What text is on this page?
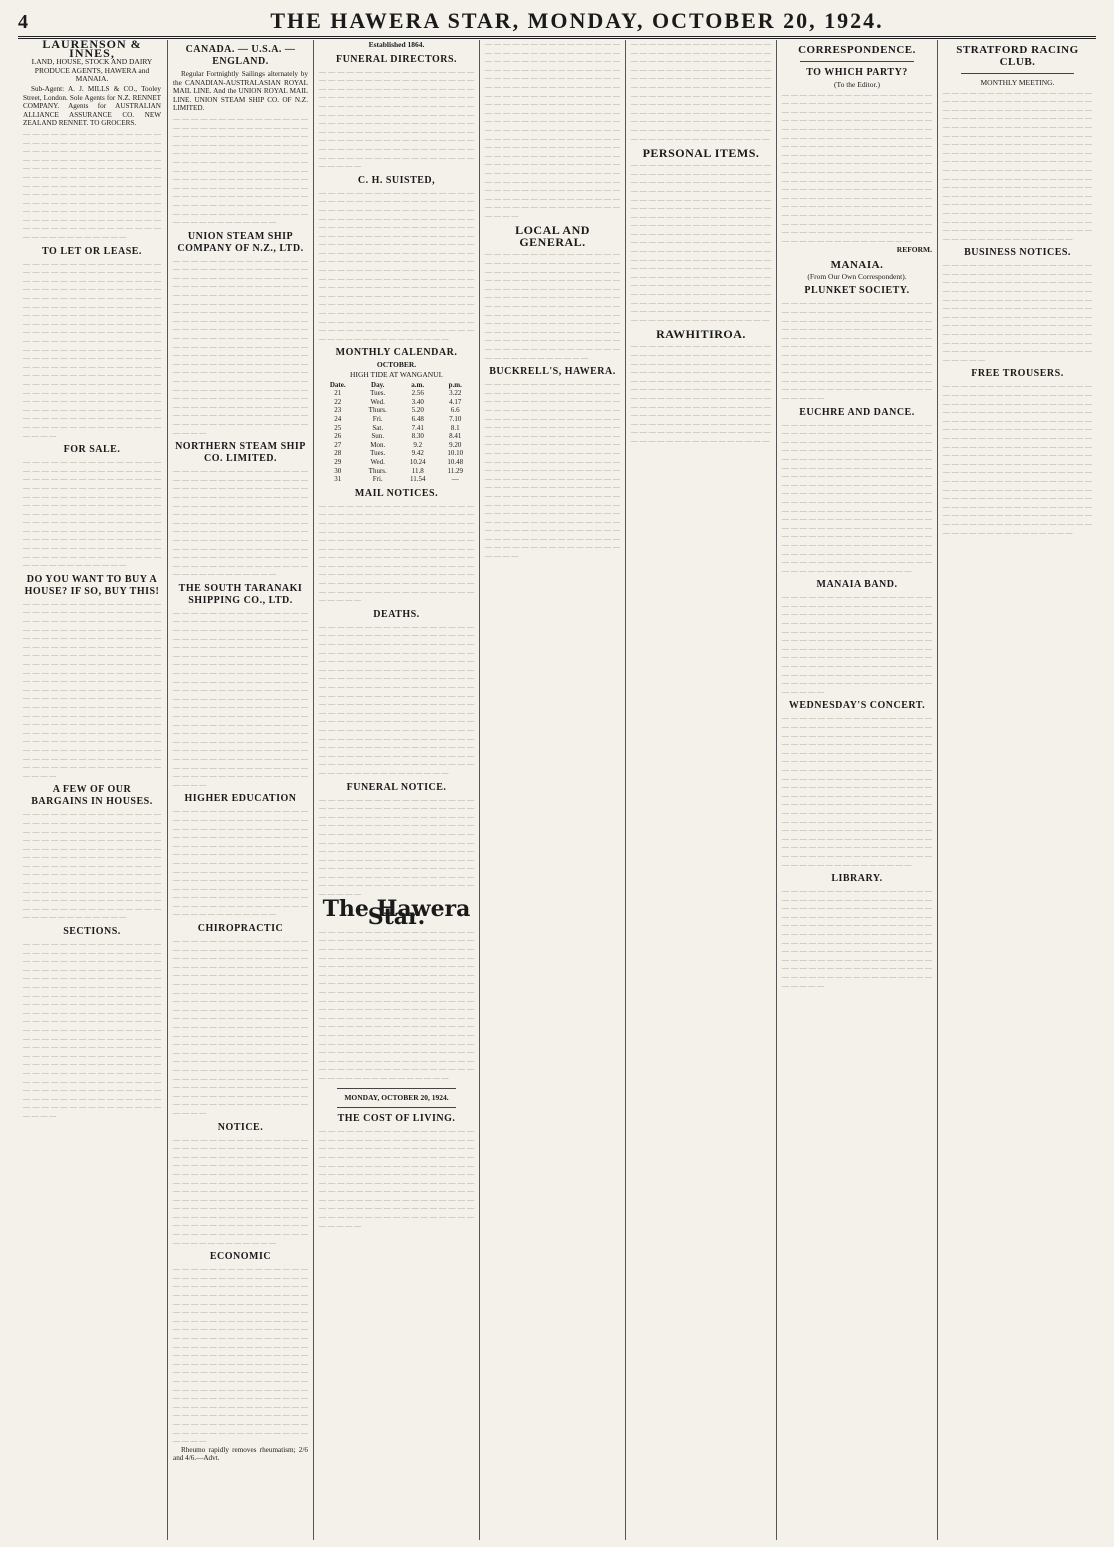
4	THE HAWERA STAR, MONDAY, OCTOBER 20, 1924.
LAURENSON & INNES,
LAND, HOUSE, STOCK AND DAIRY PRODUCE AGENTS, HAWERA and MANAIA.

Sub-Agent: A. J. MILLS & CO., Tooley Street, London. Sole Agents for N.Z. RENNET COMPANY. Agents for AUSTRALIAN ALLIANCE ASSURANCE CO. NEW ZEALAND RENNET. TO GROCERS.

— — — — — — — — — — — — — — — — — — — — — — — — — — — — — — — — — — — — — — — — — — — — — — — — — — — — — — — — — — — — — — — — — — — — — — — — — — — — — — — — — — — — — — — — — — — — — — — — — — — — — — — — — — — — — — — — — — — — — — — — — — — — — — — — — — — — — — — — — — — — — — — — — — — — — — — — — — — — — — — — — — — — — — — — — — — — — — — — — — — — — — — — — — — — — — — —
TO LET OR LEASE.
— — — — — — — — — — — — — — — — — — — — — — — — — — — — — — — — — — — — — — — — — — — — — — — — — — — — — — — — — — — — — — — — — — — — — — — — — — — — — — — — — — — — — — — — — — — — — — — — — — — — — — — — — — — — — — — — — — — — — — — — — — — — — — — — — — — — — — — — — — — — — — — — — — — — — — — — — — — — — — — — — — — — — — — — — — — — — — — — — — — — — — — — — — — — — — — — — — — — — — — — — — — — — — — — — — — — — — — — — — — — — — — — — — — — — — — — — — — — — — — — — — — — — — — — — — — — — — — — — — — — — — — — — — — — — — — — — — — — — — — — — — — — — — — — — — — — — — — — — — — — — — — —
FOR SALE.
— — — — — — — — — — — — — — — — — — — — — — — — — — — — — — — — — — — — — — — — — — — — — — — — — — — — — — — — — — — — — — — — — — — — — — — — — — — — — — — — — — — — — — — — — — — — — — — — — — — — — — — — — — — — — — — — — — — — — — — — — — — — — — — — — — — — — — — — — — — — — — — — — — — — — — — — — — — — — — — — — — — — — — — — — — — — — — — — — — — — — — — — — — — — — — — —
DO YOU WANT TO BUY A HOUSE? IF SO, BUY THIS!
— — — — — — — — — — — — — — — — — — — — — — — — — — — — — — — — — — — — — — — — — — — — — — — — — — — — — — — — — — — — — — — — — — — — — — — — — — — — — — — — — — — — — — — — — — — — — — — — — — — — — — — — — — — — — — — — — — — — — — — — — — — — — — — — — — — — — — — — — — — — — — — — — — — — — — — — — — — — — — — — — — — — — — — — — — — — — — — — — — — — — — — — — — — — — — — — — — — — — — — — — — — — — — — — — — — — — — — — — — — — — — — — — — — — — — — — — — — — — — — — — — — — — — — — — — — — — — — — — — — — — — — — — — — — — — — — — — — — — — — — — — — — — — — — — — — — — — — — — — — — — — — —
A FEW OF OUR BARGAINS IN HOUSES.
— — — — — — — — — — — — — — — — — — — — — — — — — — — — — — — — — — — — — — — — — — — — — — — — — — — — — — — — — — — — — — — — — — — — — — — — — — — — — — — — — — — — — — — — — — — — — — — — — — — — — — — — — — — — — — — — — — — — — — — — — — — — — — — — — — — — — — — — — — — — — — — — — — — — — — — — — — — — — — — — — — — — — — — — — — — — — — — — — — — — — — — — — — — — — — — —
SECTIONS.
— — — — — — — — — — — — — — — — — — — — — — — — — — — — — — — — — — — — — — — — — — — — — — — — — — — — — — — — — — — — — — — — — — — — — — — — — — — — — — — — — — — — — — — — — — — — — — — — — — — — — — — — — — — — — — — — — — — — — — — — — — — — — — — — — — — — — — — — — — — — — — — — — — — — — — — — — — — — — — — — — — — — — — — — — — — — — — — — — — — — — — — — — — — — — — — — — — — — — — — — — — — — — — — — — — — — — — — — — — — — — — — — — — — — — — — — — — — — — — — — — — — — — — — — — — — — — — — — — — — — — — — — — — — — — — — — — — — — — — — — — — — — — — — — — — — — — — — — — — — — — — — —
CANADA. — U.S.A. — ENGLAND.

Regular Fortnightly Sailings alternately by the CANADIAN-AUSTRALASIAN ROYAL MAIL LINE. And the UNION ROYAL MAIL LINE. UNION STEAM SHIP CO. OF N.Z. LIMITED.

— — — — — — — — — — — — — — — — — — — — — — — — — — — — — — — — — — — — — — — — — — — — — — — — — — — — — — — — — — — — — — — — — — — — — — — — — — — — — — — — — — — — — — — — — — — — — — — — — — — — — — — — — — — — — — — — — — — — — — — — — — — — — — — — — — — — — — — — — — — — — — — — — — — — — — — — — — — — — — — — — — — — — — — — — — — — — — — — — — — — — — — — — — — — — — — —
UNION STEAM SHIP COMPANY OF N.Z., LTD.
— — — — — — — — — — — — — — — — — — — — — — — — — — — — — — — — — — — — — — — — — — — — — — — — — — — — — — — — — — — — — — — — — — — — — — — — — — — — — — — — — — — — — — — — — — — — — — — — — — — — — — — — — — — — — — — — — — — — — — — — — — — — — — — — — — — — — — — — — — — — — — — — — — — — — — — — — — — — — — — — — — — — — — — — — — — — — — — — — — — — — — — — — — — — — — — — — — — — — — — — — — — — — — — — — — — — — — — — — — — — — — — — — — — — — — — — — — — — — — — — — — — — — — — — — — — — — — — — — — — — — — — — — — — — — — — — — — — — — — — — — — — — — — — — — — — — — — — — — — — — — — — —
NORTHERN STEAM SHIP CO. LIMITED.
— — — — — — — — — — — — — — — — — — — — — — — — — — — — — — — — — — — — — — — — — — — — — — — — — — — — — — — — — — — — — — — — — — — — — — — — — — — — — — — — — — — — — — — — — — — — — — — — — — — — — — — — — — — — — — — — — — — — — — — — — — — — — — — — — — — — — — — — — — — — — — — — — — — — — — — — — — — — — — — — — — — — — — — — — — — — — — — — — — — — — — — — — — — — — — — —
THE SOUTH TARANAKI SHIPPING CO., LTD.
— — — — — — — — — — — — — — — — — — — — — — — — — — — — — — — — — — — — — — — — — — — — — — — — — — — — — — — — — — — — — — — — — — — — — — — — — — — — — — — — — — — — — — — — — — — — — — — — — — — — — — — — — — — — — — — — — — — — — — — — — — — — — — — — — — — — — — — — — — — — — — — — — — — — — — — — — — — — — — — — — — — — — — — — — — — — — — — — — — — — — — — — — — — — — — — — — — — — — — — — — — — — — — — — — — — — — — — — — — — — — — — — — — — — — — — — — — — — — — — — — — — — — — — — — — — — — — — — — — — — — — — — — — — — — — — — — — — — — — — — — — — — — — — — — — — — — — — — — — — — — — — —
HIGHER EDUCATION
— — — — — — — — — — — — — — — — — — — — — — — — — — — — — — — — — — — — — — — — — — — — — — — — — — — — — — — — — — — — — — — — — — — — — — — — — — — — — — — — — — — — — — — — — — — — — — — — — — — — — — — — — — — — — — — — — — — — — — — — — — — — — — — — — — — — — — — — — — — — — — — — — — — — — — — — — — — — — — — — — — — — — — — — — — — — — — — — — — — — — — — — — — — — — — — —
CHIROPRACTIC
— — — — — — — — — — — — — — — — — — — — — — — — — — — — — — — — — — — — — — — — — — — — — — — — — — — — — — — — — — — — — — — — — — — — — — — — — — — — — — — — — — — — — — — — — — — — — — — — — — — — — — — — — — — — — — — — — — — — — — — — — — — — — — — — — — — — — — — — — — — — — — — — — — — — — — — — — — — — — — — — — — — — — — — — — — — — — — — — — — — — — — — — — — — — — — — — — — — — — — — — — — — — — — — — — — — — — — — — — — — — — — — — — — — — — — — — — — — — — — — — — — — — — — — — — — — — — — — — — — — — — — — — — — — — — — — — — — — — — — — — — — — — — — — — — — — — — — — — — — — — — — — —
NOTICE.
— — — — — — — — — — — — — — — — — — — — — — — — — — — — — — — — — — — — — — — — — — — — — — — — — — — — — — — — — — — — — — — — — — — — — — — — — — — — — — — — — — — — — — — — — — — — — — — — — — — — — — — — — — — — — — — — — — — — — — — — — — — — — — — — — — — — — — — — — — — — — — — — — — — — — — — — — — — — — — — — — — — — — — — — — — — — — — — — — — — — — — — — — — — — — — — —
ECONOMIC
— — — — — — — — — — — — — — — — — — — — — — — — — — — — — — — — — — — — — — — — — — — — — — — — — — — — — — — — — — — — — — — — — — — — — — — — — — — — — — — — — — — — — — — — — — — — — — — — — — — — — — — — — — — — — — — — — — — — — — — — — — — — — — — — — — — — — — — — — — — — — — — — — — — — — — — — — — — — — — — — — — — — — — — — — — — — — — — — — — — — — — — — — — — — — — — — — — — — — — — — — — — — — — — — — — — — — — — — — — — — — — — — — — — — — — — — — — — — — — — — — — — — — — — — — — — — — — — — — — — — — — — — — — — — — — — — — — — — — — — — — — — — — — — — — — — — — — — — — — — — — — — —

Rheumo rapidly removes rheumatism; 2/6 and 4/6.—Advt.

Established 1864.
FUNERAL DIRECTORS.
— — — — — — — — — — — — — — — — — — — — — — — — — — — — — — — — — — — — — — — — — — — — — — — — — — — — — — — — — — — — — — — — — — — — — — — — — — — — — — — — — — — — — — — — — — — — — — — — — — — — — — — — — — — — — — — — — — — — — — — — — — — — — — — — — — — — — — — — — — — — — — — — — — — — — — — — — — — — — — — — — — — — — — — — — — — — — — — — — — — — — — — — — — — — — — — —
C. H. SUISTED,
— — — — — — — — — — — — — — — — — — — — — — — — — — — — — — — — — — — — — — — — — — — — — — — — — — — — — — — — — — — — — — — — — — — — — — — — — — — — — — — — — — — — — — — — — — — — — — — — — — — — — — — — — — — — — — — — — — — — — — — — — — — — — — — — — — — — — — — — — — — — — — — — — — — — — — — — — — — — — — — — — — — — — — — — — — — — — — — — — — — — — — — — — — — — — — — — — — — — — — — — — — — — — — — — — — — — — — — — — — — — — — — — — — — — — — — — — — — — — — — — — — — — — — — — — — — — — — — — — — — — — — — — — — — — — — — — — — — — — — — — — — — — — — — — — — — — — — — — — — — — — — — —
MONTHLY CALENDAR.
OCTOBER.
HIGH TIDE AT WANGANUI.
Date.	Day.	a.m.	p.m.
21	Tues.	2.56	3.22
22	Wed.	3.40	4.17
23	Thurs.	5.20	6.6
24	Fri.	6.48	7.10
25	Sat.	7.41	8.1
26	Sun.	8.30	8.41
27	Mon.	9.2	9.20
28	Tues.	9.42	10.10
29	Wed.	10.24	10.48
30	Thurs.	11.8	11.29
31	Fri.	11.54	—
MAIL NOTICES.
— — — — — — — — — — — — — — — — — — — — — — — — — — — — — — — — — — — — — — — — — — — — — — — — — — — — — — — — — — — — — — — — — — — — — — — — — — — — — — — — — — — — — — — — — — — — — — — — — — — — — — — — — — — — — — — — — — — — — — — — — — — — — — — — — — — — — — — — — — — — — — — — — — — — — — — — — — — — — — — — — — — — — — — — — — — — — — — — — — — — — — — — — — — — — — — —
DEATHS.
— — — — — — — — — — — — — — — — — — — — — — — — — — — — — — — — — — — — — — — — — — — — — — — — — — — — — — — — — — — — — — — — — — — — — — — — — — — — — — — — — — — — — — — — — — — — — — — — — — — — — — — — — — — — — — — — — — — — — — — — — — — — — — — — — — — — — — — — — — — — — — — — — — — — — — — — — — — — — — — — — — — — — — — — — — — — — — — — — — — — — — — — — — — — — — — — — — — — — — — — — — — — — — — — — — — — — — — — — — — — — — — — — — — — — — — — — — — — — — — — — — — — — — — — — — — — — — — — — — — — — — — — — — — — — — — — — — — — — — — — — — — — — — — — — — — — — — — — — — — — — — — —
FUNERAL NOTICE.
— — — — — — — — — — — — — — — — — — — — — — — — — — — — — — — — — — — — — — — — — — — — — — — — — — — — — — — — — — — — — — — — — — — — — — — — — — — — — — — — — — — — — — — — — — — — — — — — — — — — — — — — — — — — — — — — — — — — — — — — — — — — — — — — — — — — — — — — — — — — — — — — — — — — — — — — — — — — — — — — — — — — — — — — — — — — — — — — — — — — — — — — — — — — — — — —
The Hawera Star.
— — — — — — — — — — — — — — — — — — — — — — — — — — — — — — — — — — — — — — — — — — — — — — — — — — — — — — — — — — — — — — — — — — — — — — — — — — — — — — — — — — — — — — — — — — — — — — — — — — — — — — — — — — — — — — — — — — — — — — — — — — — — — — — — — — — — — — — — — — — — — — — — — — — — — — — — — — — — — — — — — — — — — — — — — — — — — — — — — — — — — — — — — — — — — — — — — — — — — — — — — — — — — — — — — — — — — — — — — — — — — — — — — — — — — — — — — — — — — — — — — — — — — — — — — — — — — — — — — — — — — — — — — — — — — — — — — — — — — — — — — — — — — — — — — — — — — — — — — — — — — — — —
MONDAY, OCTOBER 20, 1924.
THE COST OF LIVING.
— — — — — — — — — — — — — — — — — — — — — — — — — — — — — — — — — — — — — — — — — — — — — — — — — — — — — — — — — — — — — — — — — — — — — — — — — — — — — — — — — — — — — — — — — — — — — — — — — — — — — — — — — — — — — — — — — — — — — — — — — — — — — — — — — — — — — — — — — — — — — — — — — — — — — — — — — — — — — — — — — — — — — — — — — — — — — — — — — — — — — — — — — — — — — — — —
— — — — — — — — — — — — — — — — — — — — — — — — — — — — — — — — — — — — — — — — — — — — — — — — — — — — — — — — — — — — — — — — — — — — — — — — — — — — — — — — — — — — — — — — — — — — — — — — — — — — — — — — — — — — — — — — — — — — — — — — — — — — — — — — — — — — — — — — — — — — — — — — — — — — — — — — — — — — — — — — — — — — — — — — — — — — — — — — — — — — — — — — — — — — — — — — — — — — — — — — — — — — — — — — — — — — — — — — — — — — — — — — — — — — — — — — — — — — — — — — — — — — — — — — — — — — — — — — — — — — — — — — — — — — — — — — — — — — — — — — — — — — — — — — — — — — — — — — — — — — — — — —
LOCAL AND GENERAL.
— — — — — — — — — — — — — — — — — — — — — — — — — — — — — — — — — — — — — — — — — — — — — — — — — — — — — — — — — — — — — — — — — — — — — — — — — — — — — — — — — — — — — — — — — — — — — — — — — — — — — — — — — — — — — — — — — — — — — — — — — — — — — — — — — — — — — — — — — — — — — — — — — — — — — — — — — — — — — — — — — — — — — — — — — — — — — — — — — — — — — — — — — — — — — — — —
BUCKRELL'S, HAWERA.
— — — — — — — — — — — — — — — — — — — — — — — — — — — — — — — — — — — — — — — — — — — — — — — — — — — — — — — — — — — — — — — — — — — — — — — — — — — — — — — — — — — — — — — — — — — — — — — — — — — — — — — — — — — — — — — — — — — — — — — — — — — — — — — — — — — — — — — — — — — — — — — — — — — — — — — — — — — — — — — — — — — — — — — — — — — — — — — — — — — — — — — — — — — — — — — — — — — — — — — — — — — — — — — — — — — — — — — — — — — — — — — — — — — — — — — — — — — — — — — — — — — — — — — — — — — — — — — — — — — — — — — — — — — — — — — — — — — — — — — — — — — — — — — — — — — — — — — — — — — — — — — —
— — — — — — — — — — — — — — — — — — — — — — — — — — — — — — — — — — — — — — — — — — — — — — — — — — — — — — — — — — — — — — — — — — — — — — — — — — — — — — — — — — — — — — — — — — — — — — — — — — — — — — — — — — — — — — — — — — — — — — — — — — — — — — — — — — — — — — — — — — — — — — — — — — — — — — — — — — — — — — — — — — — — — — — — — — — — — — — — — — — — — — — — — — — — — — — —
PERSONAL ITEMS.
— — — — — — — — — — — — — — — — — — — — — — — — — — — — — — — — — — — — — — — — — — — — — — — — — — — — — — — — — — — — — — — — — — — — — — — — — — — — — — — — — — — — — — — — — — — — — — — — — — — — — — — — — — — — — — — — — — — — — — — — — — — — — — — — — — — — — — — — — — — — — — — — — — — — — — — — — — — — — — — — — — — — — — — — — — — — — — — — — — — — — — — — — — — — — — — — — — — — — — — — — — — — — — — — — — — — — — — — — — — — — — — — — — — — — — — — — — — — — — — — — — — — — — — — — — — — — — — — — — — — — — — — — — — — — — — — — — — — — — — — — — — — — — — — — — — — — — — — — — — — — — — —
RAWHITIROA.
— — — — — — — — — — — — — — — — — — — — — — — — — — — — — — — — — — — — — — — — — — — — — — — — — — — — — — — — — — — — — — — — — — — — — — — — — — — — — — — — — — — — — — — — — — — — — — — — — — — — — — — — — — — — — — — — — — — — — — — — — — — — — — — — — — — — — — — — — — — — — — — — — — — — — — — — — — — — — — — — — — — — — — — — — — — — — — — — — — — — — — — — — — — — — — — —
CORRESPONDENCE.
TO WHICH PARTY?
(To the Editor.)
— — — — — — — — — — — — — — — — — — — — — — — — — — — — — — — — — — — — — — — — — — — — — — — — — — — — — — — — — — — — — — — — — — — — — — — — — — — — — — — — — — — — — — — — — — — — — — — — — — — — — — — — — — — — — — — — — — — — — — — — — — — — — — — — — — — — — — — — — — — — — — — — — — — — — — — — — — — — — — — — — — — — — — — — — — — — — — — — — — — — — — — — — — — — — — — — — — — — — — — — — — — — — — — — — — — — — — — — — — — — — — — — — — — — — — — — — — — — — — — — — — — — — — — — — — — — — — — — — — — — — — — — — — — — — — — — — — — — — — — — — — — — — — — — — — — — — — — — — — — — — — — —
REFORM.
MANAIA.
(From Our Own Correspondent).
PLUNKET SOCIETY.
— — — — — — — — — — — — — — — — — — — — — — — — — — — — — — — — — — — — — — — — — — — — — — — — — — — — — — — — — — — — — — — — — — — — — — — — — — — — — — — — — — — — — — — — — — — — — — — — — — — — — — — — — — — — — — — — — — — — — — — — — — — — — — — — — — — — — — — — — — — — — — — — — — — — — — — — — — — — — — — — — — — — — — — — — — — — — — — — — — — — — — — — — — — — — — — —
EUCHRE AND DANCE.
— — — — — — — — — — — — — — — — — — — — — — — — — — — — — — — — — — — — — — — — — — — — — — — — — — — — — — — — — — — — — — — — — — — — — — — — — — — — — — — — — — — — — — — — — — — — — — — — — — — — — — — — — — — — — — — — — — — — — — — — — — — — — — — — — — — — — — — — — — — — — — — — — — — — — — — — — — — — — — — — — — — — — — — — — — — — — — — — — — — — — — — — — — — — — — — — — — — — — — — — — — — — — — — — — — — — — — — — — — — — — — — — — — — — — — — — — — — — — — — — — — — — — — — — — — — — — — — — — — — — — — — — — — — — — — — — — — — — — — — — — — — — — — — — — — — — — — — — — — — — — — — —
MANAIA BAND.
— — — — — — — — — — — — — — — — — — — — — — — — — — — — — — — — — — — — — — — — — — — — — — — — — — — — — — — — — — — — — — — — — — — — — — — — — — — — — — — — — — — — — — — — — — — — — — — — — — — — — — — — — — — — — — — — — — — — — — — — — — — — — — — — — — — — — — — — — — — — — — — — — — — — — — — — — — — — — — — — — — — — — — — — — — — — — — — — — — — — — — — — — — — — — — — —
WEDNESDAY'S CONCERT.
— — — — — — — — — — — — — — — — — — — — — — — — — — — — — — — — — — — — — — — — — — — — — — — — — — — — — — — — — — — — — — — — — — — — — — — — — — — — — — — — — — — — — — — — — — — — — — — — — — — — — — — — — — — — — — — — — — — — — — — — — — — — — — — — — — — — — — — — — — — — — — — — — — — — — — — — — — — — — — — — — — — — — — — — — — — — — — — — — — — — — — — — — — — — — — — — — — — — — — — — — — — — — — — — — — — — — — — — — — — — — — — — — — — — — — — — — — — — — — — — — — — — — — — — — — — — — — — — — — — — — — — — — — — — — — — — — — — — — — — — — — — — — — — — — — — — — — — — — — — — — — — —
LIBRARY.
— — — — — — — — — — — — — — — — — — — — — — — — — — — — — — — — — — — — — — — — — — — — — — — — — — — — — — — — — — — — — — — — — — — — — — — — — — — — — — — — — — — — — — — — — — — — — — — — — — — — — — — — — — — — — — — — — — — — — — — — — — — — — — — — — — — — — — — — — — — — — — — — — — — — — — — — — — — — — — — — — — — — — — — — — — — — — — — — — — — — — — — — — — — — — — — —
STRATFORD RACING CLUB.
MONTHLY MEETING.
— — — — — — — — — — — — — — — — — — — — — — — — — — — — — — — — — — — — — — — — — — — — — — — — — — — — — — — — — — — — — — — — — — — — — — — — — — — — — — — — — — — — — — — — — — — — — — — — — — — — — — — — — — — — — — — — — — — — — — — — — — — — — — — — — — — — — — — — — — — — — — — — — — — — — — — — — — — — — — — — — — — — — — — — — — — — — — — — — — — — — — — — — — — — — — — — — — — — — — — — — — — — — — — — — — — — — — — — — — — — — — — — — — — — — — — — — — — — — — — — — — — — — — — — — — — — — — — — — — — — — — — — — — — — — — — — — — — — — — — — — — — — — — — — — — — — — — — — — — — — — — — —
BUSINESS NOTICES.
— — — — — — — — — — — — — — — — — — — — — — — — — — — — — — — — — — — — — — — — — — — — — — — — — — — — — — — — — — — — — — — — — — — — — — — — — — — — — — — — — — — — — — — — — — — — — — — — — — — — — — — — — — — — — — — — — — — — — — — — — — — — — — — — — — — — — — — — — — — — — — — — — — — — — — — — — — — — — — — — — — — — — — — — — — — — — — — — — — — — — — — — — — — — — — — —
FREE TROUSERS.
— — — — — — — — — — — — — — — — — — — — — — — — — — — — — — — — — — — — — — — — — — — — — — — — — — — — — — — — — — — — — — — — — — — — — — — — — — — — — — — — — — — — — — — — — — — — — — — — — — — — — — — — — — — — — — — — — — — — — — — — — — — — — — — — — — — — — — — — — — — — — — — — — — — — — — — — — — — — — — — — — — — — — — — — — — — — — — — — — — — — — — — — — — — — — — — — — — — — — — — — — — — — — — — — — — — — — — — — — — — — — — — — — — — — — — — — — — — — — — — — — — — — — — — — — — — — — — — — — — — — — — — — — — — — — — — — — — — — — — — — — — — — — — — — — — — — — — — — — — — — — — — —
